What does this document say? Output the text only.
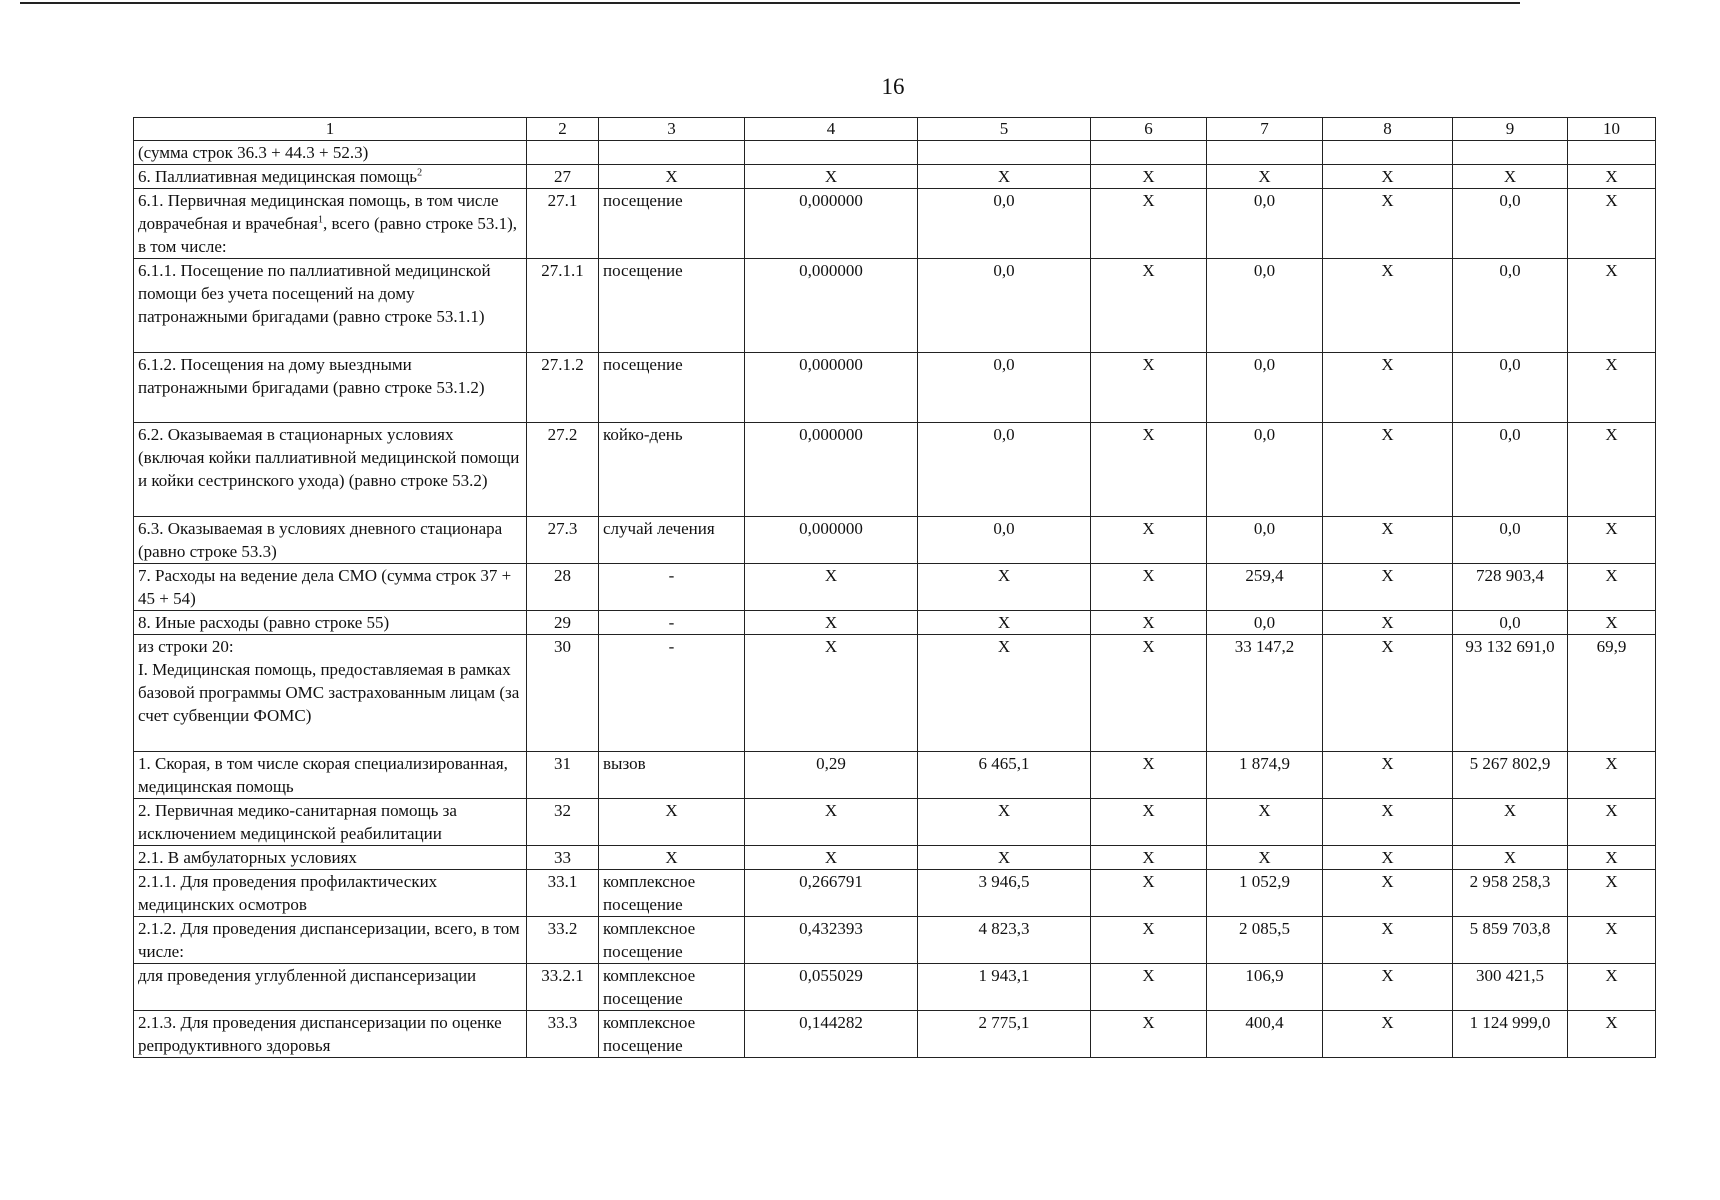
16
1	2	3	4	5	6	7	8	9	10
(сумма строк 36.3 + 44.3 + 52.3)									
6. Паллиативная медицинская помощь$^2$	27	Х	Х	Х	Х	Х	Х	Х	Х
6.1. Первичная медицинская помощь, в том числе доврачебная и врачебная$^1$, всего (равно строке 53.1), в том числе:	27.1	посещение	0,000000	0,0	Х	0,0	Х	0,0	Х
6.1.1. Посещение по паллиативной медицинской помощи без учета посещений на дому патронажными бригадами (равно строке 53.1.1)	27.1.1	посещение	0,000000	0,0	Х	0,0	Х	0,0	Х
6.1.2. Посещения на дому выездными патронажными бригадами (равно строке 53.1.2)	27.1.2	посещение	0,000000	0,0	Х	0,0	Х	0,0	Х
6.2. Оказываемая в стационарных условиях (включая койки паллиативной медицинской помощи и койки сестринского ухода) (равно строке 53.2)	27.2	койко-день	0,000000	0,0	Х	0,0	Х	0,0	Х
6.3. Оказываемая в условиях дневного стационара (равно строке 53.3)	27.3	случай лечения	0,000000	0,0	Х	0,0	Х	0,0	Х
7. Расходы на ведение дела СМО (сумма строк 37 + 45 + 54)	28	-	Х	Х	Х	259,4	Х	728 903,4	Х
8. Иные расходы (равно строке 55)	29	-	Х	Х	Х	0,0	Х	0,0	Х
из строки 20:
I. Медицинская помощь, предоставляемая в рамках базовой программы ОМС застрахованным лицам (за счет субвенции ФОМС)	30	-	Х	Х	Х	33 147,2	Х	93 132 691,0	69,9
1. Скорая, в том числе скорая специализированная, медицинская помощь	31	вызов	0,29	6 465,1	Х	1 874,9	Х	5 267 802,9	Х
2. Первичная медико-санитарная помощь за исключением медицинской реабилитации	32	Х	Х	Х	Х	Х	Х	Х	Х
2.1. В амбулаторных условиях	33	Х	Х	Х	Х	Х	Х	Х	Х
2.1.1. Для проведения профилактических медицинских осмотров	33.1	комплексное посещение	0,266791	3 946,5	Х	1 052,9	Х	2 958 258,3	Х
2.1.2. Для проведения диспансеризации, всего, в том числе:	33.2	комплексное посещение	0,432393	4 823,3	Х	2 085,5	Х	5 859 703,8	Х
для проведения углубленной диспансеризации	33.2.1	комплексное посещение	0,055029	1 943,1	Х	106,9	Х	300 421,5	Х
2.1.3. Для проведения диспансеризации по оценке репродуктивного здоровья	33.3	комплексное посещение	0,144282	2 775,1	Х	400,4	Х	1 124 999,0	Х
